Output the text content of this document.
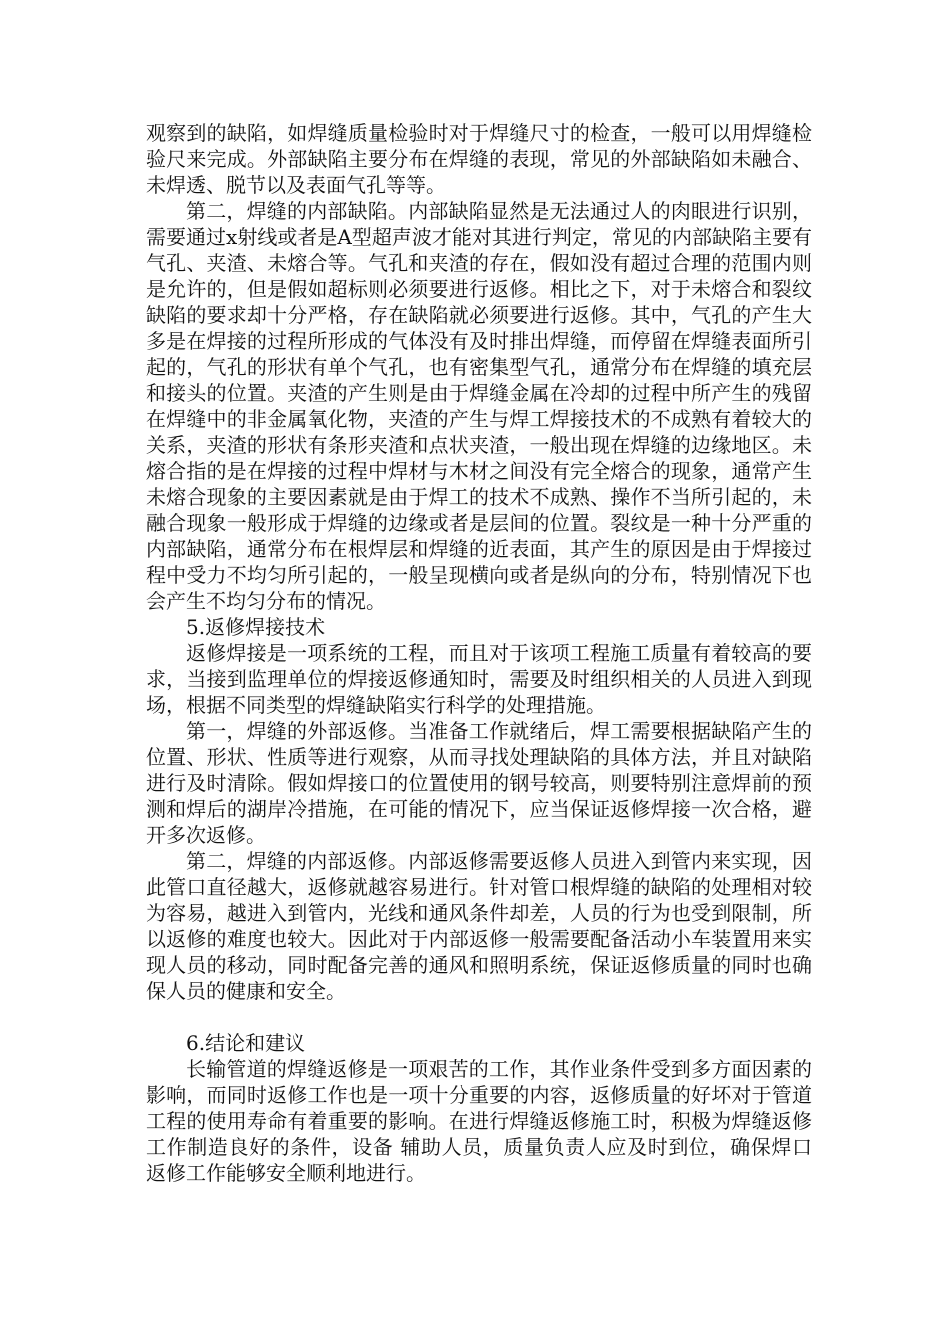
观察到的缺陷，如焊缝质量检验时对于焊缝尺寸的检查，一般可以用焊缝检验尺来完成。外部缺陷主要分布在焊缝的表现，常见的外部缺陷如未融合、未焊透、脱节以及表面气孔等等。

第二，焊缝的内部缺陷。内部缺陷显然是无法通过人的肉眼进行识别，需要通过x射线或者是A型超声波才能对其进行判定，常见的内部缺陷主要有气孔、夹渣、未熔合等。气孔和夹渣的存在，假如没有超过合理的范围内则是允许的，但是假如超标则必须要进行返修。相比之下，对于未熔合和裂纹缺陷的要求却十分严格，存在缺陷就必须要进行返修。其中，气孔的产生大多是在焊接的过程所形成的气体没有及时排出焊缝，而停留在焊缝表面所引起的，气孔的形状有单个气孔，也有密集型气孔，通常分布在焊缝的填充层和接头的位置。夹渣的产生则是由于焊缝金属在冷却的过程中所产生的残留在焊缝中的非金属氧化物，夹渣的产生与焊工焊接技术的不成熟有着较大的关系，夹渣的形状有条形夹渣和点状夹渣，一般出现在焊缝的边缘地区。未熔合指的是在焊接的过程中焊材与木材之间没有完全熔合的现象，通常产生未熔合现象的主要因素就是由于焊工的技术不成熟、操作不当所引起的，未融合现象一般形成于焊缝的边缘或者是层间的位置。裂纹是一种十分严重的内部缺陷，通常分布在根焊层和焊缝的近表面，其产生的原因是由于焊接过程中受力不均匀所引起的，一般呈现横向或者是纵向的分布，特别情况下也会产生不均匀分布的情况。

5.返修焊接技术

返修焊接是一项系统的工程，而且对于该项工程施工质量有着较高的要求，当接到监理单位的焊接返修通知时，需要及时组织相关的人员进入到现场，根据不同类型的焊缝缺陷实行科学的处理措施。

第一，焊缝的外部返修。当准备工作就绪后，焊工需要根据缺陷产生的位置、形状、性质等进行观察，从而寻找处理缺陷的具体方法，并且对缺陷进行及时清除。假如焊接口的位置使用的钢号较高，则要特别注意焊前的预测和焊后的湖岸冷措施，在可能的情况下，应当保证返修焊接一次合格，避开多次返修。

第二，焊缝的内部返修。内部返修需要返修人员进入到管内来实现，因此管口直径越大，返修就越容易进行。针对管口根焊缝的缺陷的处理相对较为容易，越进入到管内，光线和通风条件却差，人员的行为也受到限制，所以返修的难度也较大。因此对于内部返修一般需要配备活动小车装置用来实现人员的移动，同时配备完善的通风和照明系统，保证返修质量的同时也确保人员的健康和安全。

6.结论和建议

长输管道的焊缝返修是一项艰苦的工作，其作业条件受到多方面因素的影响，而同时返修工作也是一项十分重要的内容，返修质量的好坏对于管道工程的使用寿命有着重要的影响。在进行焊缝返修施工时，积极为焊缝返修工作制造良好的条件，设备 辅助人员，质量负责人应及时到位，确保焊口返修工作能够安全顺利地进行。
